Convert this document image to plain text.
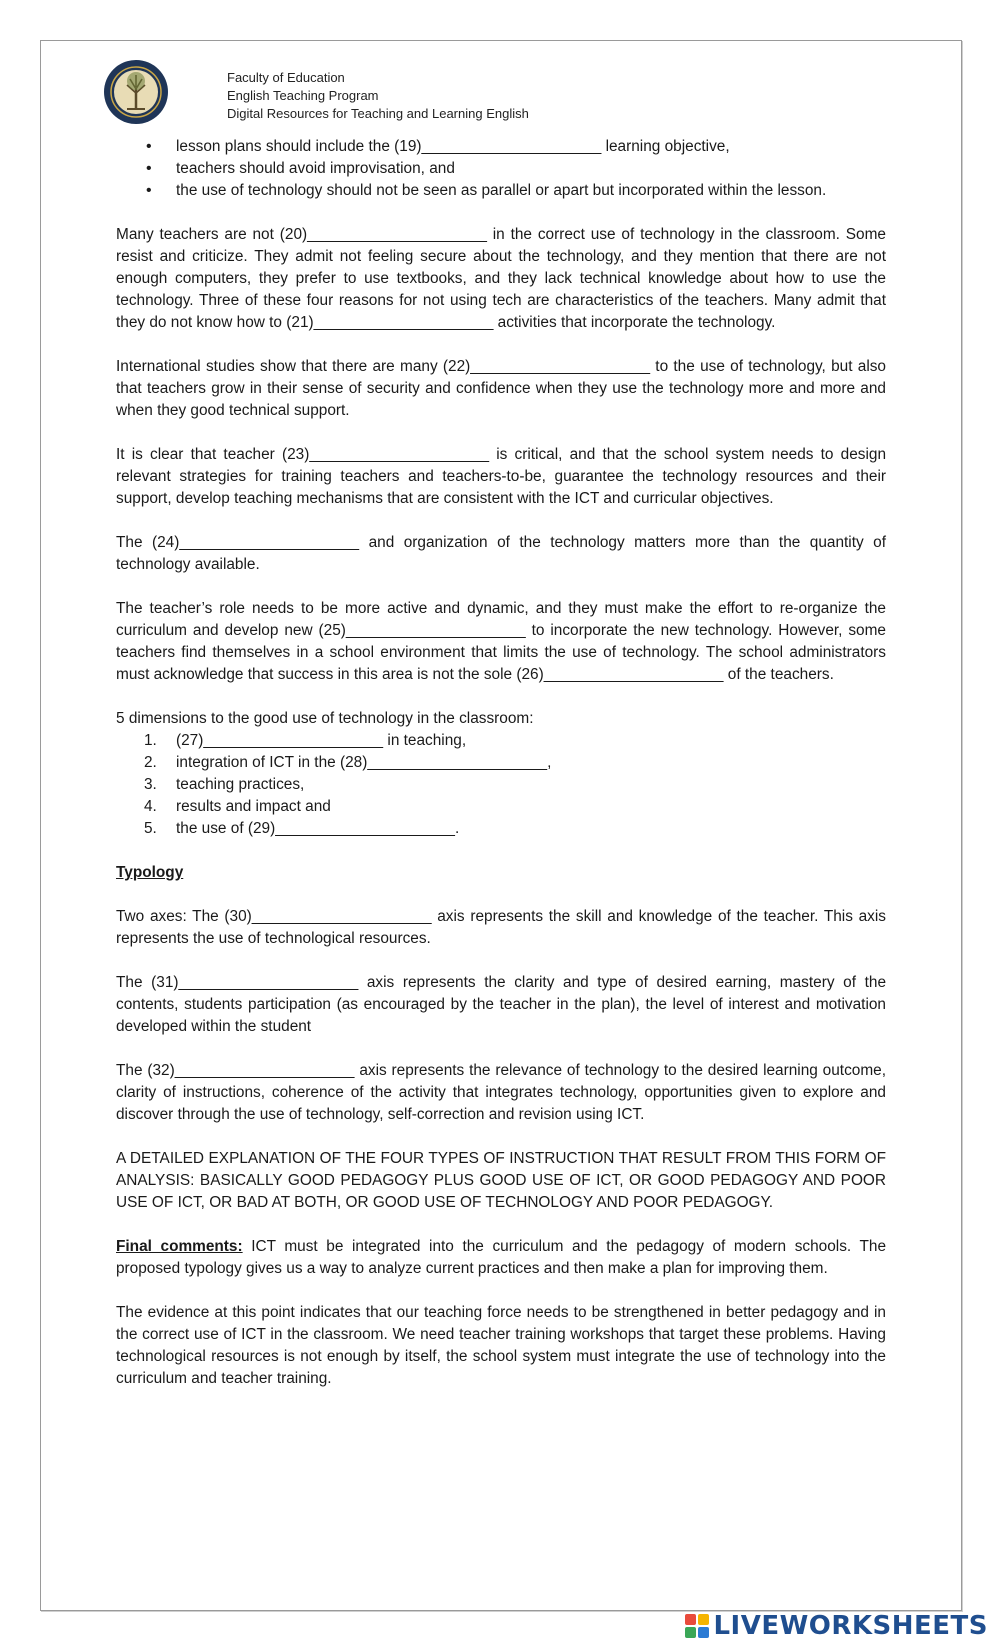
Faculty of Education
English Teaching Program
Digital Resources for Teaching and Learning English
• lesson plans should include the (19)_____________________ learning objective,
• teachers should avoid improvisation, and
• the use of technology should not be seen as parallel or apart but incorporated within the lesson.

Many teachers are not (20)_____________________ in the correct use of technology in the classroom. Some resist and criticize. They admit not feeling secure about the technology, and they mention that there are not enough computers, they prefer to use textbooks, and they lack technical knowledge about how to use the technology. Three of these four reasons for not using tech are characteristics of the teachers. Many admit that they do not know how to (21)_____________________ activities that incorporate the technology.

International studies show that there are many (22)_____________________ to the use of technology, but also that teachers grow in their sense of security and confidence when they use the technology more and more and when they good technical support.

It is clear that teacher (23)_____________________ is critical, and that the school system needs to design relevant strategies for training teachers and teachers-to-be, guarantee the technology resources and their support, develop teaching mechanisms that are consistent with the ICT and curricular objectives.

The (24)_____________________ and organization of the technology matters more than the quantity of technology available.

The teacher’s role needs to be more active and dynamic, and they must make the effort to re-organize the curriculum and develop new (25)_____________________ to incorporate the new technology. However, some teachers find themselves in a school environment that limits the use of technology. The school administrators must acknowledge that success in this area is not the sole (26)_____________________ of the teachers.

5 dimensions to the good use of technology in the classroom:
1. (27)_____________________ in teaching,
2. integration of ICT in the (28)_____________________,
3. teaching practices,
4. results and impact and
5. the use of (29)_____________________.
Typology

Two axes: The (30)_____________________ axis represents the skill and knowledge of the teacher. This axis represents the use of technological resources.

The (31)_____________________ axis represents the clarity and type of desired earning, mastery of the contents, students participation (as encouraged by the teacher in the plan), the level of interest and motivation developed within the student

The (32)_____________________ axis represents the relevance of technology to the desired learning outcome, clarity of instructions, coherence of the activity that integrates technology, opportunities given to explore and discover through the use of technology, self-correction and revision using ICT.

A DETAILED EXPLANATION OF THE FOUR TYPES OF INSTRUCTION THAT RESULT FROM THIS FORM OF ANALYSIS: BASICALLY GOOD PEDAGOGY PLUS GOOD USE OF ICT, OR GOOD PEDAGOGY AND POOR USE OF ICT, OR BAD AT BOTH, OR GOOD USE OF TECHNOLOGY AND POOR PEDAGOGY.

Final comments: ICT must be integrated into the curriculum and the pedagogy of modern schools. The proposed typology gives us a way to analyze current practices and then make a plan for improving them.

The evidence at this point indicates that our teaching force needs to be strengthened in better pedagogy and in the correct use of ICT in the classroom. We need teacher training workshops that target these problems. Having technological resources is not enough by itself, the school system must integrate the use of technology into the curriculum and teacher training.

LIVEWORKSHEETS
